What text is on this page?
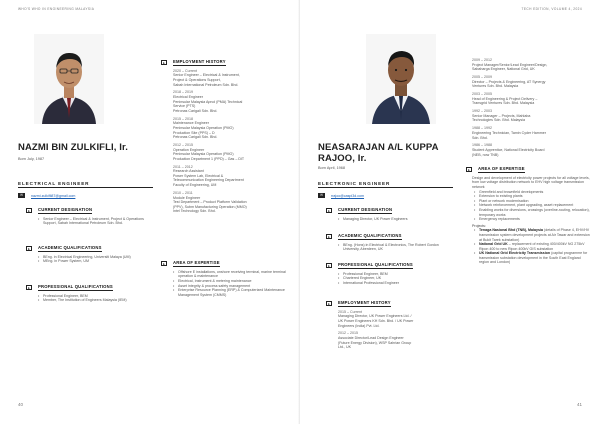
WHO'S WHO IN ENGINEERING MALAYSIA
NAZMI BIN ZULKIFLI, Ir.
Born July, 1987
ELECTRICAL ENGINEER
✉	nazmi.zulkifli87@gmail.com
▸	CURRENT DESIGNATION
• Senior Engineer – Electrical & Instrument, Project & Operations Support, Sabah International Petroleum Sdn. Bhd.
▸	ACADEMIC QUALIFICATIONS
• BEng. in Electrical Engineering, Universiti Malaya (UM)
• MEng. in Power System, UM
▸	PROFESSIONAL QUALIFICATIONS
• Professional Engineer, BEM
• Member, The Institution of Engineers Malaysia (IEM)
▸	EMPLOYMENT HISTORY
2020 – Current
Senior Engineer – Electrical & Instrument,
Project & Operations Support,
Sabah International Petroleum Sdn. Bhd.
2018 – 2019
Electrical Engineer
Peninsular Malaysia Apnol (PMA) Technical
Service (PTS)
Petronas Carigali Sdn. Bhd.
2015 – 2018
Maintenance Engineer
Peninsular Malaysia Operation (PMO)
Production Site (PPS) – D
Petronas Carigali Sdn. Bhd.
2012 – 2015
Operation Engineer
Peninsular Malaysia Operation (PMO)
Production Department 1 (PPD) – Gas – DIT
2011 – 2012
Research Assistant
Power System Lab, Electrical &
Telecommunication Engineering Department
Faculty of Engineering, UM
2010 – 2011
Module Engineer
Test Department – Product Platform Validation
(PPV), Subm Manufacturing Operation (MMO)
Intel Technology Sdn. Bhd.
▸	AREA OF EXPERTISE
• Offshore E installations, onshore receiving terminal, marine terminal operation & maintenance
• Electrical, Instrument & metering maintenance
• Asset integrity & process safety management
• Enterprise Resource Planning (ERP) & Computerized Maintenance Management System (CMMS)
40
TECH EDITION, VOLUME 4, 2024
NEASARAJAN A/L KUPPA
RAJOO, Ir.
Born April, 1968
ELECTRONIC ENGINEER
✉	rrajoo@caspi3d.com
▸	CURRENT DESIGNATION
• Managing Director, UK Power Engineers
▸	ACADEMIC QUALIFICATIONS
• BEng. (Hons) in Electrical & Electronics, The Robert Gordon University, Aberdeen, UK
▸	PROFESSIONAL QUALIFICATIONS
• Professional Engineer, BEM
• Chartered Engineer, UK
• International Professional Engineer
▸	EMPLOYMENT HISTORY
2015 – Current
Managing Director, UK Power Engineers Ltd. /
UK Power Engineers KH Sdn. Bhd. / UK Power
Engineers (India) Pvt. Ltd.
2012 – 2015
Associate Director/Lead Design Engineer
(Future Energy Division), WSP Sahrian Group
Ltd., UK
2009 – 2012
Project Manager/Senior/Lead Engineer/Design,
Sabaharga Engineer, National Grid, UK
2005 – 2009
Director – Projects & Engineering, AT Synergy
Ventures Sdn. Bhd. Malaysia
2003 – 2005
Head of Engineering & Project Delivery –
Transgrid Ventures Sdn. Bhd. Malaysia
1992 – 2003
Senior Manager – Projects, Mahlaba
Technologies Sdn. Bhd. Malaysia
1988 – 1992
Engineering Technician, Tamin Cyder Hammer
Sdn. Bhd.
1986 – 1988
Student Apprentice, National Electricity Board
(NEB, now TNB)
▸	AREA OF EXPERTISE
Design and development of electricity power projects for all voltage levels, from low voltage distribution network to EHV high voltage transmission network
• Greenfield and brownfield developments
• Extension to existing plants
• Plant or network modernisation
• Network reinforcement, plant upgrading, asset replacement
• Enabling works for diversions, crossings (overline-routing, relocation), temporary works
• Emergency replacements
Projects:
• Tenaga Nasional Bhd (TNB), Malaysia (details of Phase 4, EHV/HV transmission system development projects at Air Tawar and extension at Bukit Tarek substation)
• National Grid UK – replacement of existing 400/400kV NG 275kV Ripon 400 to new Ripon 400kV GIS substation
• UK National Grid Electricity Transmission (capital programme for transmission substation development in the South East England region and London)
41
